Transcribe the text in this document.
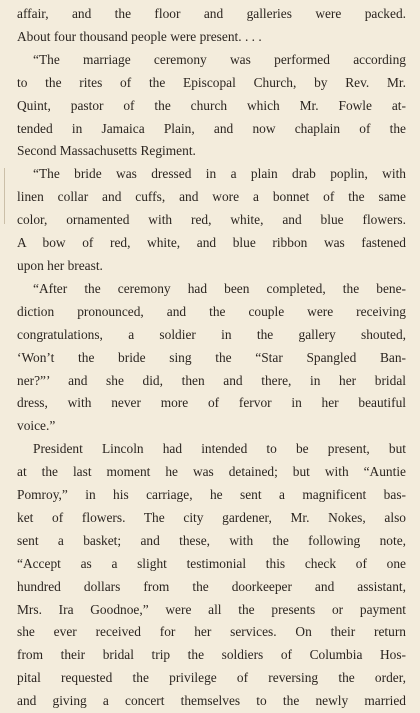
affair, and the floor and galleries were packed.
About four thousand people were present. . . .
“The marriage ceremony was performed according
to the rites of the Episcopal Church, by Rev. Mr.
Quint, pastor of the church which Mr. Fowle at-
tended in Jamaica Plain, and now chaplain of the
Second Massachusetts Regiment.
“The bride was dressed in a plain drab poplin, with
linen collar and cuffs, and wore a bonnet of the same
color, ornamented with red, white, and blue flowers.
A bow of red, white, and blue ribbon was fastened
upon her breast.
“After the ceremony had been completed, the bene-
diction pronounced, and the couple were receiving
congratulations, a soldier in the gallery shouted,
‘Won’t the bride sing the “Star Spangled Ban-
ner?”’ and she did, then and there, in her bridal
dress, with never more of fervor in her beautiful
voice.”
President Lincoln had intended to be present, but
at the last moment he was detained; but with “Auntie
Pomroy,” in his carriage, he sent a magnificent bas-
ket of flowers. The city gardener, Mr. Nokes, also
sent a basket; and these, with the following note,
“Accept as a slight testimonial this check of one
hundred dollars from the doorkeeper and assistant,
Mrs. Ira Goodnoe,” were all the presents or payment
she ever received for her services. On their return
from their bridal trip the soldiers of Columbia Hos-
pital requested the privilege of reversing the order,
and giving a concert themselves to the newly married
